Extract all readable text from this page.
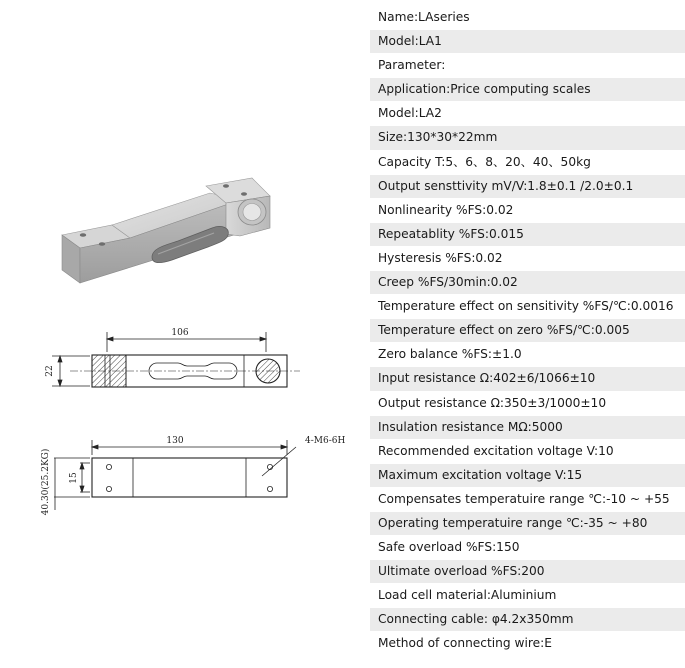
106
22
130
15
40.30(25.2KG)
4-M6-6H
Name:LAseries
Model:LA1
Parameter:
Application:Price computing scales
Model:LA2
Size:130*30*22mm
Capacity T:5、6、8、20、40、50kg
Output sensttivity mV/V:1.8±0.1 /2.0±0.1
Nonlinearity %FS:0.02
Repeatablity %FS:0.015
Hysteresis %FS:0.02
Creep %FS/30min:0.02
Temperature effect on sensitivity %FS/℃:0.0016
Temperature effect on zero %FS/℃:0.005
Zero balance %FS:±1.0
Input resistance Ω:402±6/1066±10
Output resistance Ω:350±3/1000±10
Insulation resistance MΩ:5000
Recommended excitation voltage V:10
Maximum excitation voltage V:15
Compensates temperatuire range ℃:-10 ~ +55
Operating temperatuire range ℃:-35 ~ +80
Safe overload %FS:150
Ultimate overload %FS:200
Load cell material:Aluminium
Connecting cable: φ4.2x350mm
Method of connecting wire:E
